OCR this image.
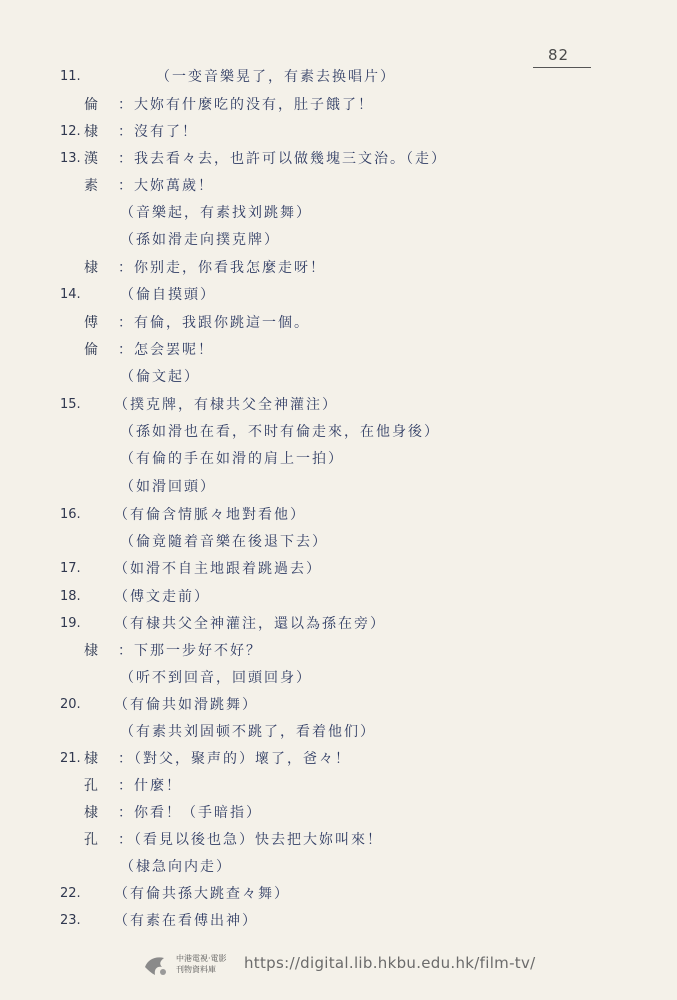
82
11.	（一变音樂晃了，有素去换唱片）
倫 ：大妳有什麼吃的没有，肚子餓了！
12. 棣 ：沒有了！
13. 漢 ：我去看々去，也許可以做幾塊三文治。（走）
素 ：大妳萬歲！
（音樂起，有素找刘跳舞）
（孫如滑走向撲克牌）
棣 ：你别走，你看我怎麼走呀！
14.	（倫自摸頭）
傅 ：有倫，我跟你跳這一個。
倫 ：怎会罢呢！
（倫文起）
15. （撲克牌，有棣共父全神灌注）
（孫如滑也在看，不时有倫走來，在他身後）
（有倫的手在如滑的肩上一拍）
（如滑回頭）
16. （有倫含情脈々地對看他）
（倫竟隨着音樂在後退下去）
17. （如滑不自主地跟着跳過去）
18. （傅文走前）
19. （有棣共父全神灌注，還以為孫在旁）
棣 ：下那一步好不好？
（听不到回音，回頭回身）
20. （有倫共如滑跳舞）
（有素共刘固顿不跳了，看着他们）
21. 棣 ：（對父，聚声的）壞了，爸々！
孔 ：什麼！
棣 ：你看！（手暗指）
孔 ：（看見以後也急）快去把大妳叫來！
（棣急向内走）
22. （有倫共孫大跳查々舞）
23. （有素在看傅出神）
中港電視·電影
刊物資料庫	https://digital.lib.hkbu.edu.hk/film-tv/
